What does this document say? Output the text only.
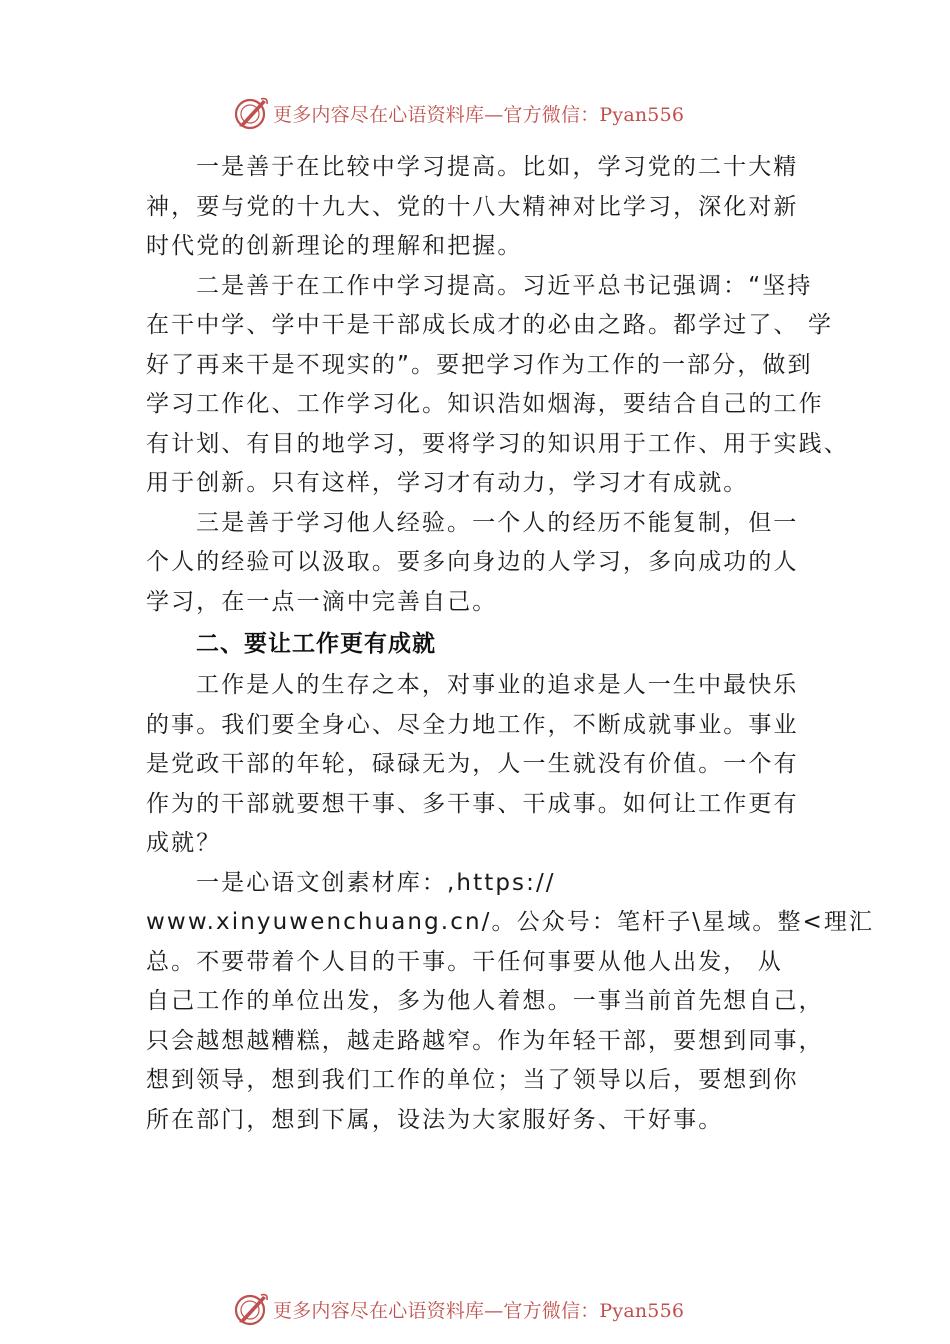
更多内容尽在心语资料库—官方微信：Pyan556
一是善于在比较中学习提高。比如，学习党的二十大精
神，要与党的十九大、党的十八大精神对比学习，深化对新
时代党的创新理论的理解和把握。
二是善于在工作中学习提高。习近平总书记强调：“坚持
在干中学、学中干是干部成长成才的必由之路。都学过了、 学
好了再来干是不现实的”。要把学习作为工作的一部分，做到
学习工作化、工作学习化。知识浩如烟海，要结合自己的工作
有计划、有目的地学习，要将学习的知识用于工作、用于实践、
用于创新。只有这样，学习才有动力，学习才有成就。
三是善于学习他人经验。一个人的经历不能复制，但一
个人的经验可以汲取。要多向身边的人学习，多向成功的人
学习，在一点一滴中完善自己。
二、要让工作更有成就
工作是人的生存之本，对事业的追求是人一生中最快乐
的事。我们要全身心、尽全力地工作，不断成就事业。事业
是党政干部的年轮，碌碌无为，人一生就没有价值。一个有
作为的干部就要想干事、多干事、干成事。如何让工作更有
成就？
一是心语文创素材库：,https://
www.xinyuwenchuang.cn/。公众号：笔杆子\星域。整<理汇
总。不要带着个人目的干事。干任何事要从他人出发， 从
自己工作的单位出发，多为他人着想。一事当前首先想自己，
只会越想越糟糕，越走路越窄。作为年轻干部，要想到同事，
想到领导，想到我们工作的单位；当了领导以后，要想到你
所在部门，想到下属，设法为大家服好务、干好事。
更多内容尽在心语资料库—官方微信：Pyan556
